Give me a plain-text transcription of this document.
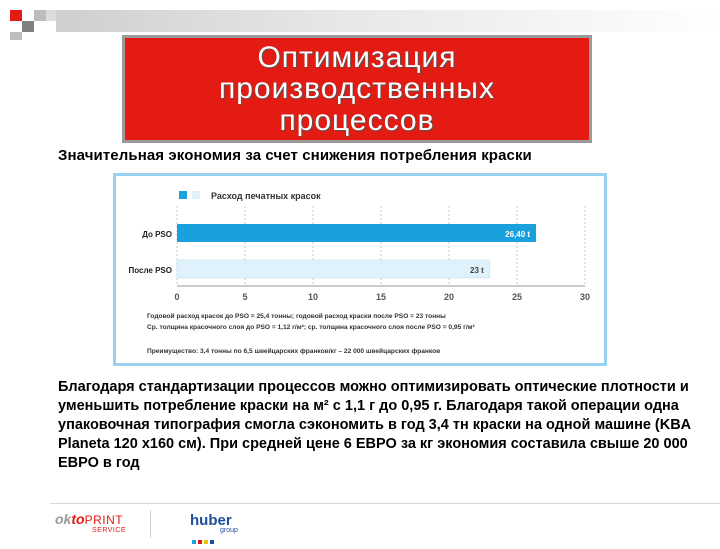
Оптимизация
производственных
процессов
Значительная экономия за счет снижения потребления краски
Расход печатных красок
0	5	10	15	20	25	30
До PSO	26,40 t
После PSO	23 t
Годовой расход красок до PSO = 25,4 тонны; годовой расход краски после PSO = 23 тонны
Ср. толщина красочного слоя до PSO = 1,12 г/м²; ср. толщина красочного слоя после PSO = 0,95 г/м²
Преимущество: 3,4 тонны по 6,5 швейцарских франков/кг – 22 000 швейцарских франков
Благодаря стандартизации процессов можно оптимизировать оптические плотности и уменьшить потребление краски на м² с 1,1 г до 0,95 г. Благодаря такой операции одна упаковочная типография смогла сэкономить в год 3,4 тн краски на одной машине (KBA Planeta 120 х160 см). При средней цене 6 ЕВРО за кг экономия составила свыше 20 000 ЕВРО в год
oktoPRINT
SERVICE
huber
group
